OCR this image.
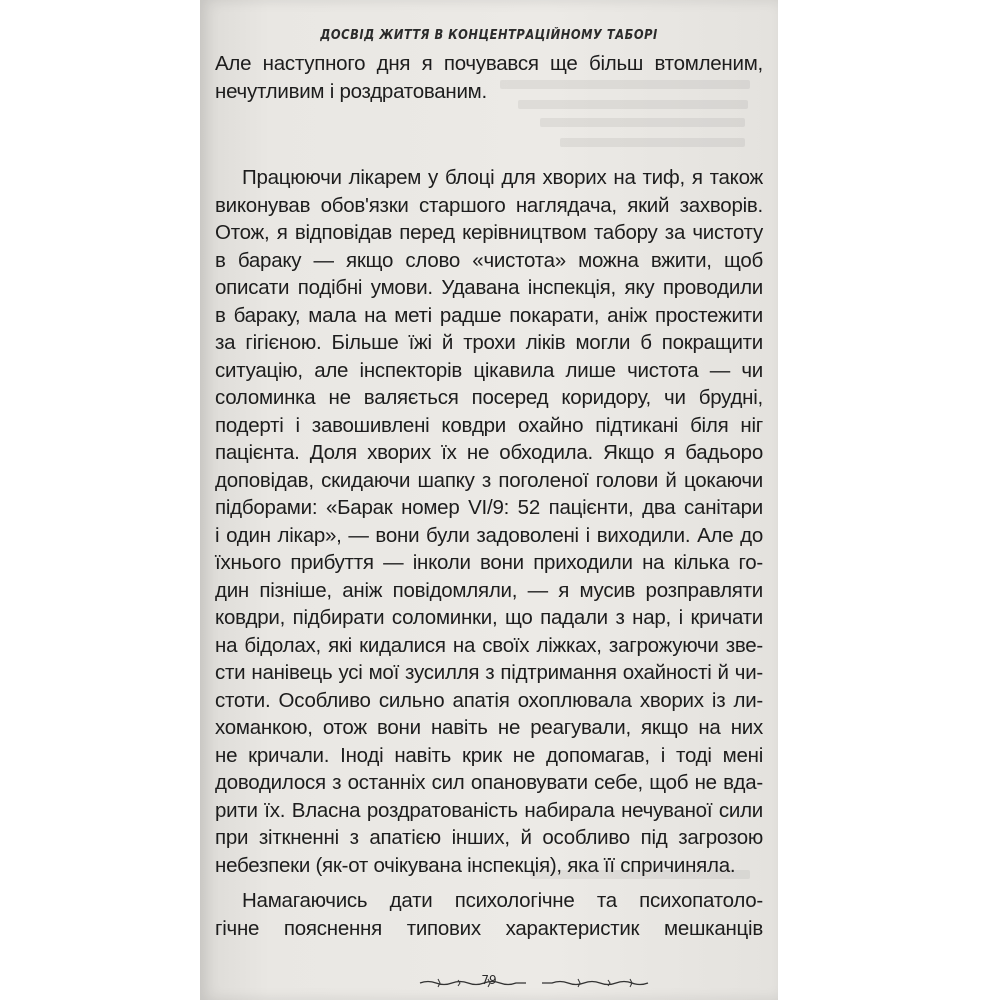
ДОСВІД ЖИТТЯ В КОНЦЕНТРАЦІЙНОМУ ТАБОРІ
Але наступного дня я почувався ще більш втомленим,
нечутливим і роздратованим.
Працюючи лікарем у блоці для хворих на тиф, я також
виконував обов'язки старшого наглядача, який захворів.
Отож, я відповідав перед керівництвом табору за чистоту
в бараку — якщо слово «чистота» можна вжити, щоб
описати подібні умови. Удавана інспекція, яку проводили
в бараку, мала на меті радше покарати, аніж простежити
за гігієною. Більше їжі й трохи ліків могли б покращити
ситуацію, але інспекторів цікавила лише чистота — чи
соломинка не валяється посеред коридору, чи брудні,
подерті і завошивлені ковдри охайно підтикані біля ніг
пацієнта. Доля хворих їх не обходила. Якщо я бадьоро
доповідав, скидаючи шапку з поголеної голови й цокаючи
підборами: «Барак номер VI/9: 52 пацієнти, два санітари
і один лікар», — вони були задоволені і виходили. Але до
їхнього прибуття — інколи вони приходили на кілька го-
дин пізніше, аніж повідомляли, — я мусив розправляти
ковдри, підбирати соломинки, що падали з нар, і кричати
на бідолах, які кидалися на своїх ліжках, загрожуючи зве-
сти нанівець усі мої зусилля з підтримання охайності й чи-
стоти. Особливо сильно апатія охоплювала хворих із ли-
хоманкою, отож вони навіть не реагували, якщо на них
не кричали. Іноді навіть крик не допомагав, і тоді мені
доводилося з останніх сил опановувати себе, щоб не вда-
рити їх. Власна роздратованість набирала нечуваної сили
при зіткненні з апатією інших, й особливо під загрозою
небезпеки (як-от очікувана інспекція), яка її спричиняла.
Намагаючись дати психологічне та психопатоло-
гічне пояснення типових характеристик мешканців
79
